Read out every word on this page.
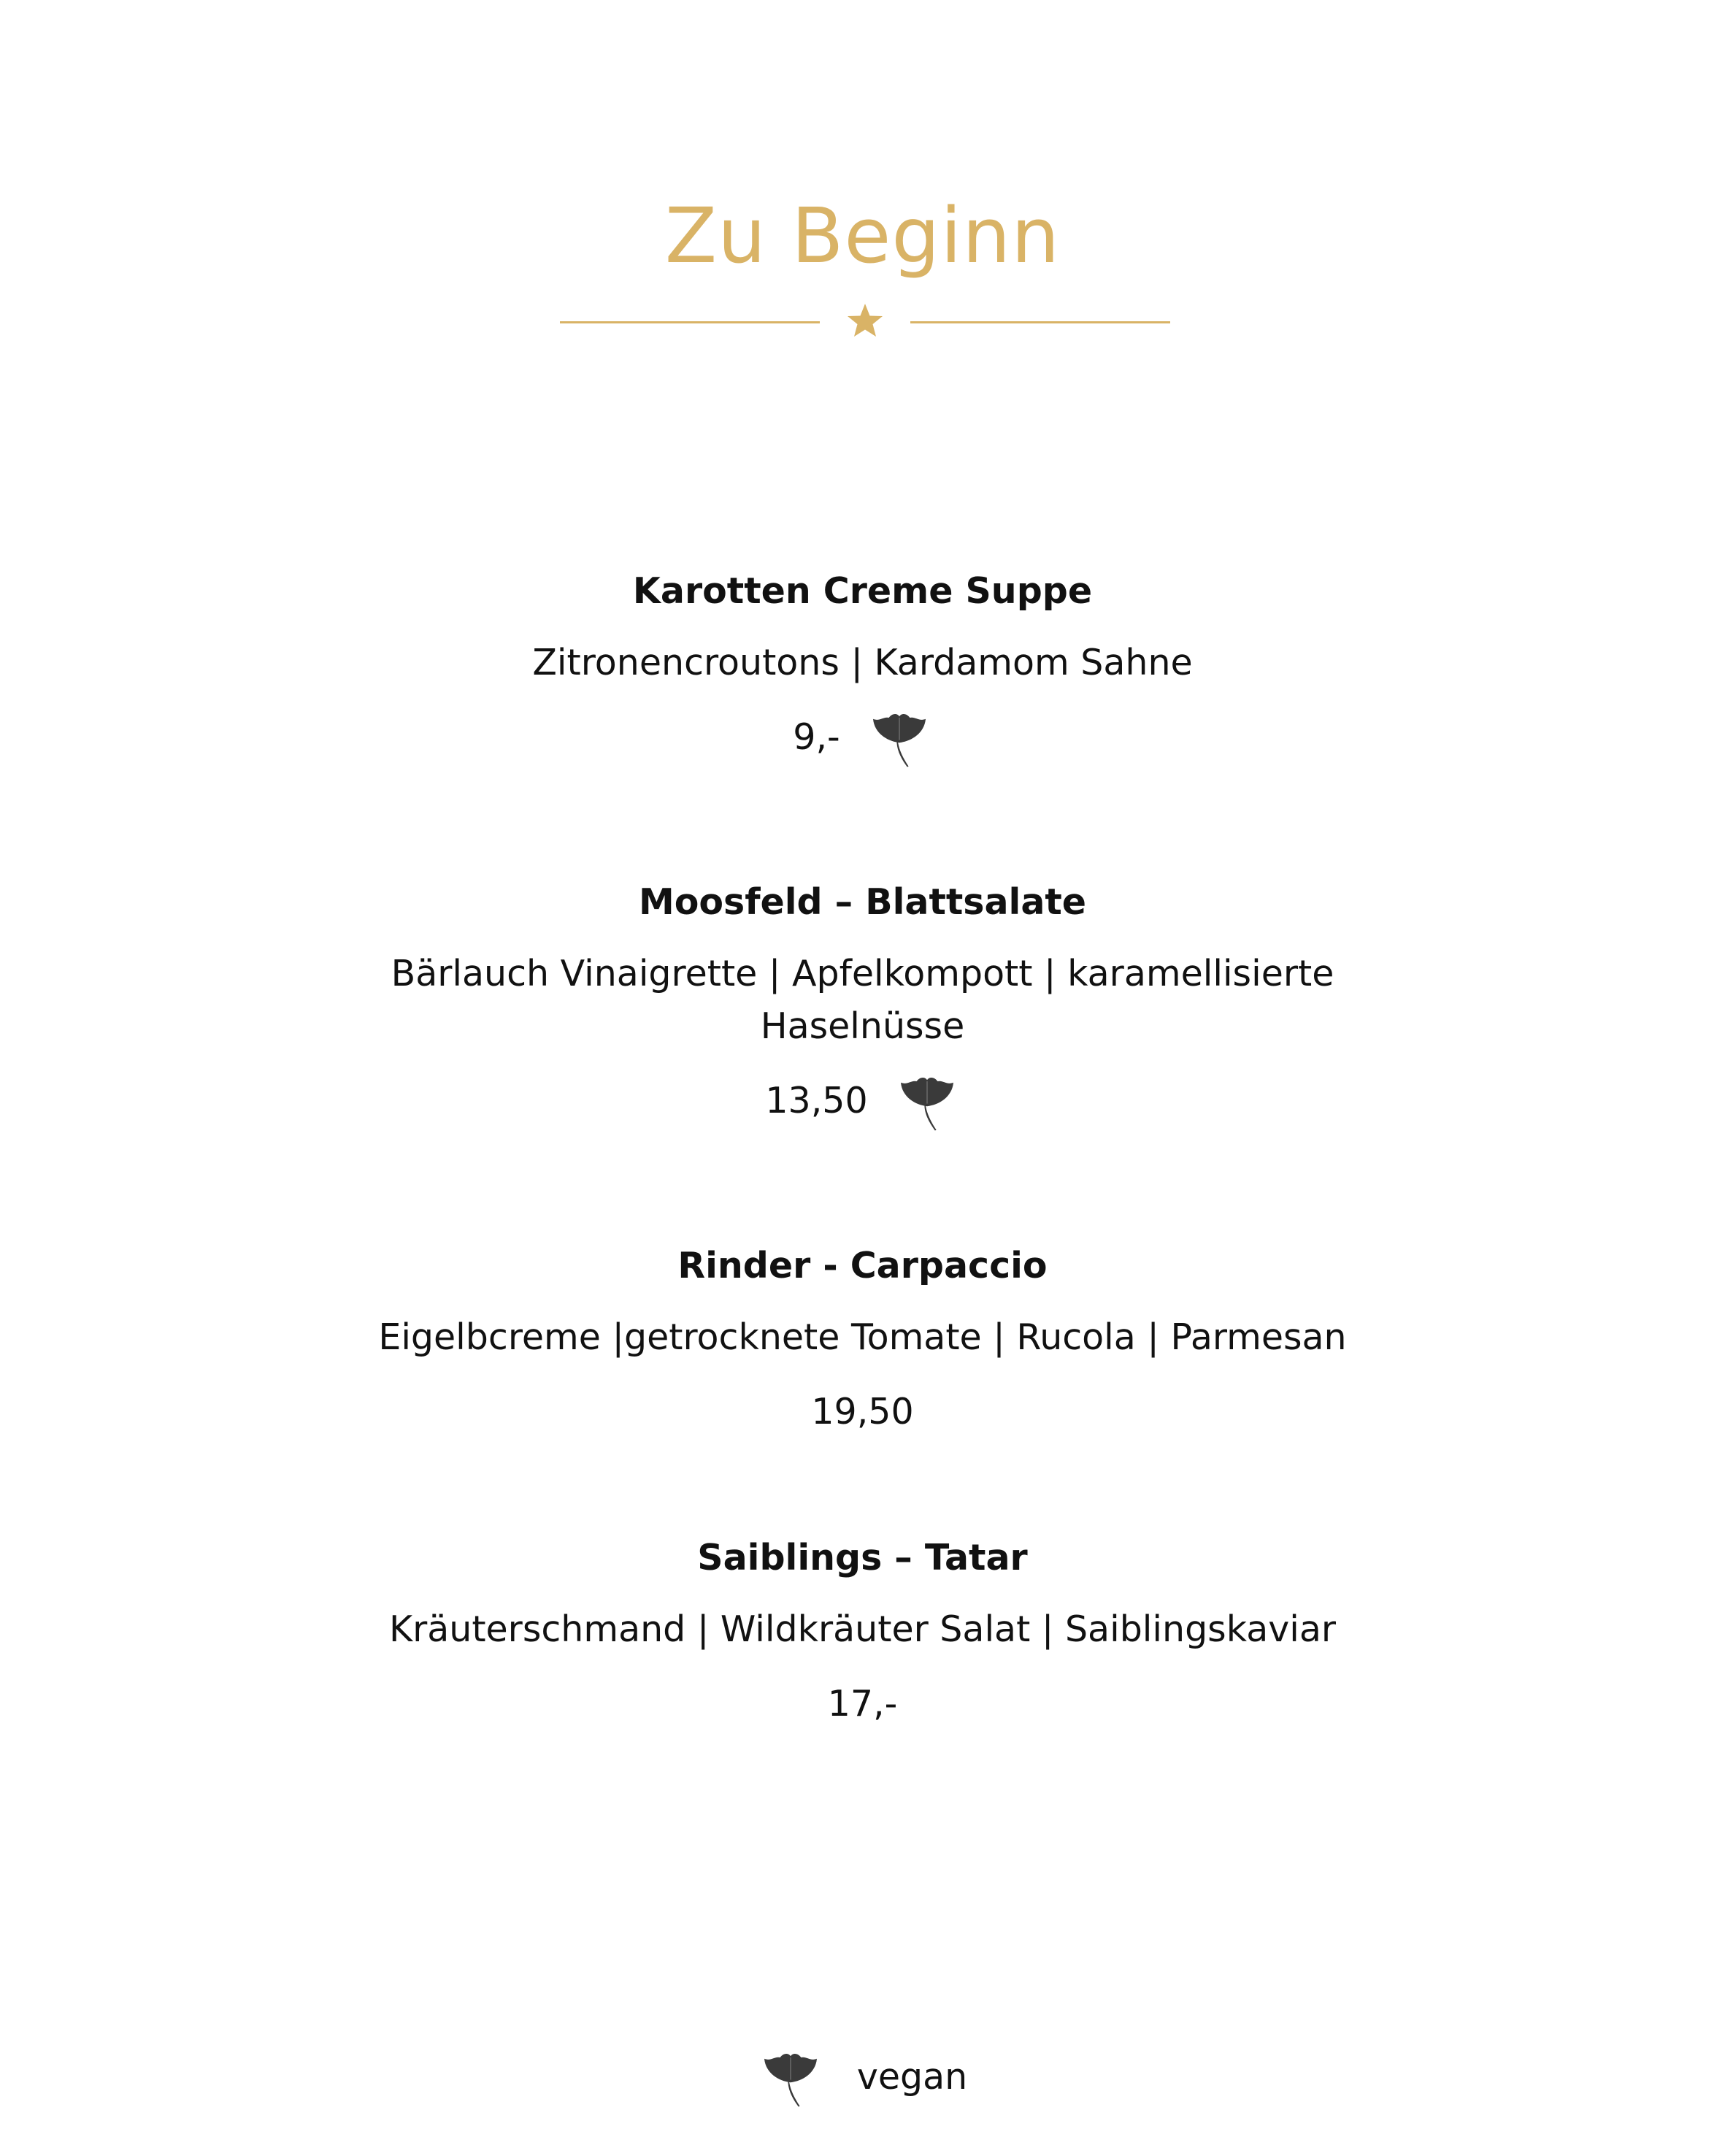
Zu Beginn
Karotten Creme Suppe
Zitronencroutons | Kardamom Sahne
9,-
Moosfeld – Blattsalate
Bärlauch Vinaigrette | Apfelkompott | karamellisierte Haselnüsse
13,50
Rinder - Carpaccio
Eigelbcreme |getrocknete Tomate | Rucola | Parmesan
19,50
Saiblings – Tatar
Kräuterschmand | Wildkräuter Salat | Saiblingskaviar
17,-
vegan
